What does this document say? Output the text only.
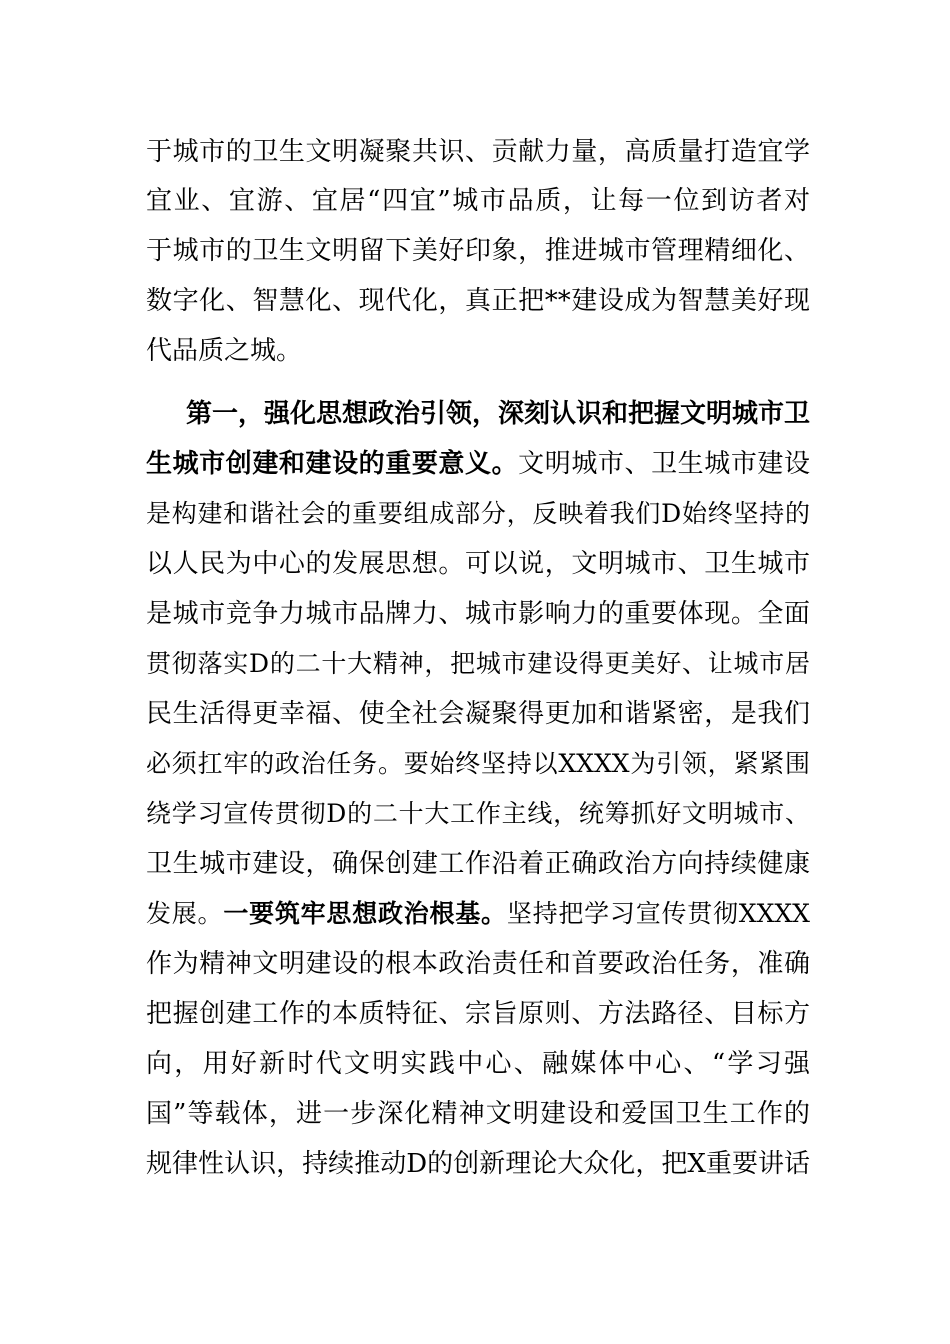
于城市的卫生文明凝聚共识、贡献力量，高质量打造宜学
宜业、宜游、宜居“四宜”城市品质，让每一位到访者对
于城市的卫生文明留下美好印象，推进城市管理精细化、
数字化、智慧化、现代化，真正把**建设成为智慧美好现
代品质之城。
第一，强化思想政治引领，深刻认识和把握文明城市卫
生城市创建和建设的重要意义。文明城市、卫生城市建设
是构建和谐社会的重要组成部分，反映着我们D始终坚持的
以人民为中心的发展思想。可以说，文明城市、卫生城市
是城市竞争力城市品牌力、城市影响力的重要体现。全面
贯彻落实D的二十大精神，把城市建设得更美好、让城市居
民生活得更幸福、使全社会凝聚得更加和谐紧密，是我们
必须扛牢的政治任务。要始终坚持以XXXX为引领，紧紧围
绕学习宣传贯彻D的二十大工作主线，统筹抓好文明城市、
卫生城市建设，确保创建工作沿着正确政治方向持续健康
发展。一要筑牢思想政治根基。坚持把学习宣传贯彻XXXX
作为精神文明建设的根本政治责任和首要政治任务，准确
把握创建工作的本质特征、宗旨原则、方法路径、目标方
向，用好新时代文明实践中心、融媒体中心、“学习强
国”等载体，进一步深化精神文明建设和爱国卫生工作的
规律性认识，持续推动D的创新理论大众化，把X重要讲话
